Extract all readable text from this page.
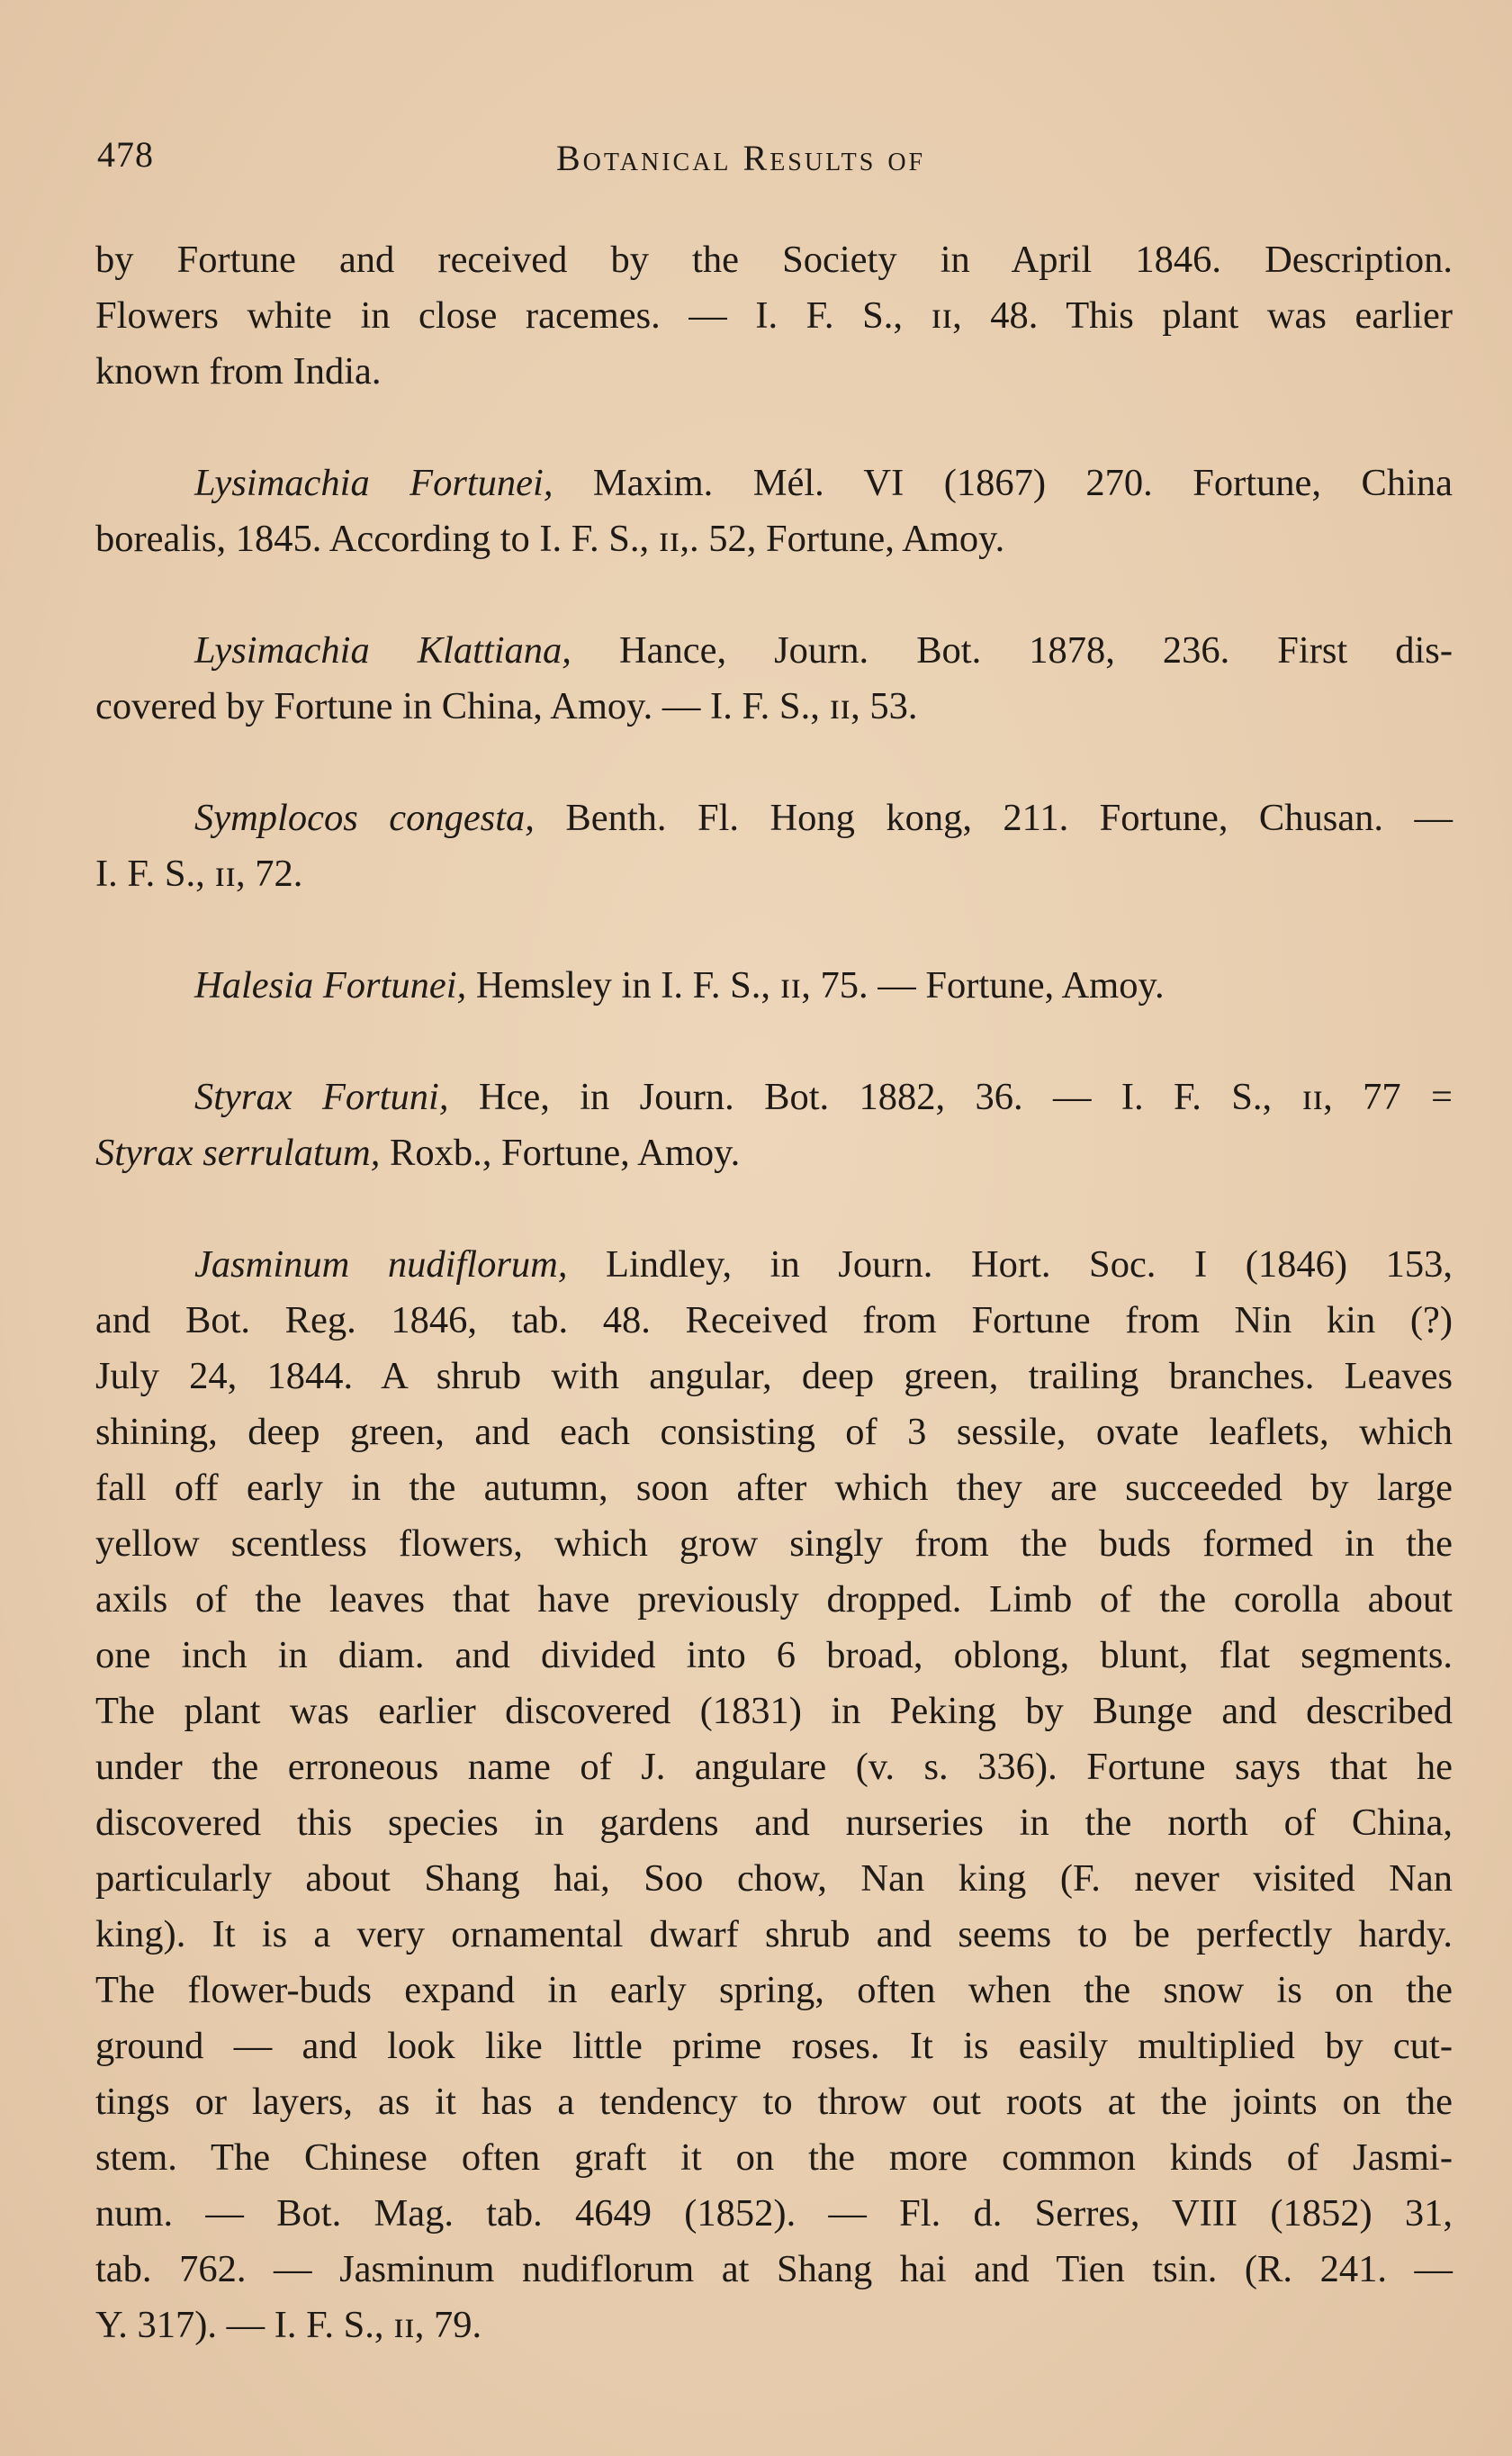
478	Botanical Results of
by Fortune and received by the Society in April 1846. Description.
Flowers white in close racemes. — I. F. S., ɪɪ, 48. This plant was earlier
known from India.
Lysimachia Fortunei, Maxim. Mél. VI (1867) 270. Fortune, China
borealis, 1845. According to I. F. S., ɪɪ,. 52, Fortune, Amoy.
Lysimachia Klattiana, Hance, Journ. Bot. 1878, 236. First dis-
covered by Fortune in China, Amoy. — I. F. S., ɪɪ, 53.
Symplocos congesta, Benth. Fl. Hong kong, 211. Fortune, Chusan. —
I. F. S., ɪɪ, 72.
Halesia Fortunei, Hemsley in I. F. S., ɪɪ, 75. — Fortune, Amoy.
Styrax Fortuni, Hce, in Journ. Bot. 1882, 36. — I. F. S., ɪɪ, 77 =
Styrax serrulatum, Roxb., Fortune, Amoy.
Jasminum nudiflorum, Lindley, in Journ. Hort. Soc. I (1846) 153,
and Bot. Reg. 1846, tab. 48. Received from Fortune from Nin kin (?)
July 24, 1844. A shrub with angular, deep green, trailing branches. Leaves
shining, deep green, and each consisting of 3 sessile, ovate leaflets, which
fall off early in the autumn, soon after which they are succeeded by large
yellow scentless flowers, which grow singly from the buds formed in the
axils of the leaves that have previously dropped. Limb of the corolla about
one inch in diam. and divided into 6 broad, oblong, blunt, flat segments.
The plant was earlier discovered (1831) in Peking by Bunge and described
under the erroneous name of J. angulare (v. s. 336). Fortune says that he
discovered this species in gardens and nurseries in the north of China,
particularly about Shang hai, Soo chow, Nan king (F. never visited Nan
king). It is a very ornamental dwarf shrub and seems to be perfectly hardy.
The flower-buds expand in early spring, often when the snow is on the
ground — and look like little prime roses. It is easily multiplied by cut-
tings or layers, as it has a tendency to throw out roots at the joints on the
stem. The Chinese often graft it on the more common kinds of Jasmi-
num. — Bot. Mag. tab. 4649 (1852). — Fl. d. Serres, VIII (1852) 31,
tab. 762. — Jasminum nudiflorum at Shang hai and Tien tsin. (R. 241. —
Y. 317). — I. F. S., ɪɪ, 79.
